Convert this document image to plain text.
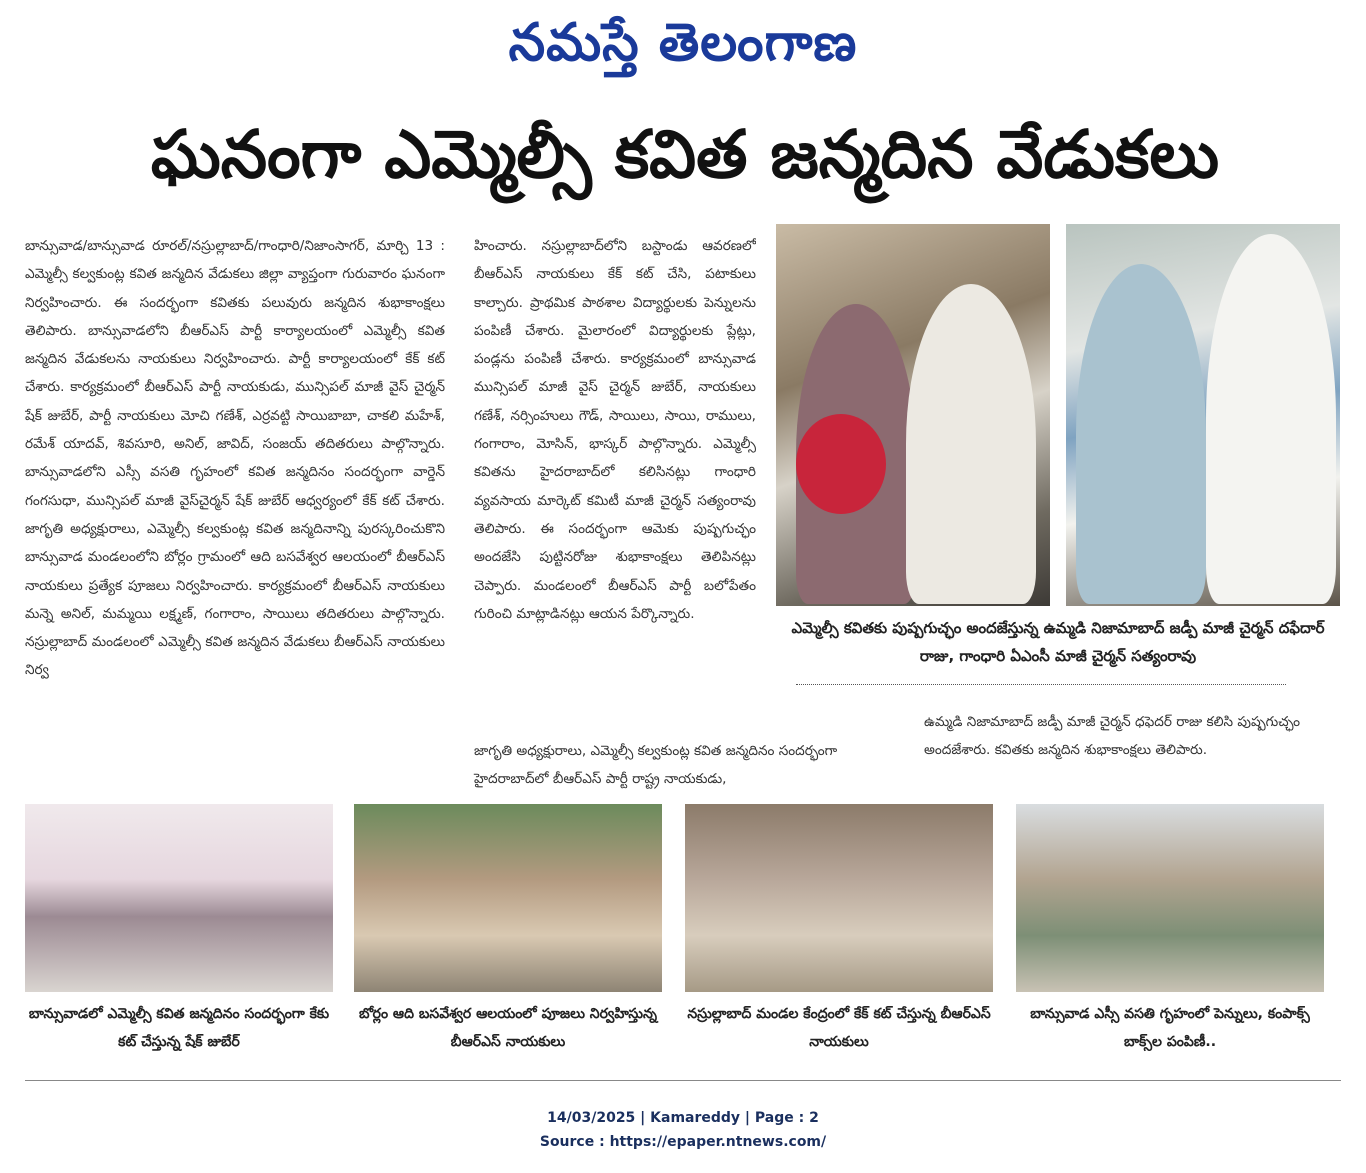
నమస్తే తెలంగాణ
ఘనంగా ఎమ్మెల్సీ కవిత జన్మదిన వేడుకలు
బాన్సువాడ/బాన్సువాడ రూరల్/నస్రుల్లాబాద్/గాంధారి/నిజాంసాగర్, మార్చి 13 : ఎమ్మెల్సీ కల్వకుంట్ల కవిత జన్మదిన వేడుకలు జిల్లా వ్యాప్తంగా గురువారం ఘనంగా నిర్వహించారు. ఈ సందర్భంగా కవితకు పలువురు జన్మదిన శుభాకాంక్షలు తెలిపారు. బాన్సువాడలోని బీఆర్ఎస్ పార్టీ కార్యాలయంలో ఎమ్మెల్సీ కవిత జన్మదిన వేడుకలను నాయకులు నిర్వహించారు. పార్టీ కార్యాలయంలో కేక్ కట్ చేశారు. కార్యక్రమంలో బీఆర్ఎస్ పార్టీ నాయకుడు, మున్సిపల్ మాజీ వైస్ చైర్మన్ షేక్ జుబేర్, పార్టీ నాయకులు మోచి గణేశ్, ఎర్రవట్టి సాయిబాబా, చాకలి మహేశ్, రమేశ్ యాదవ్, శివసూరి, అనిల్, జావిద్, సంజయ్ తదితరులు పాల్గొన్నారు. బాన్సువాడలోని ఎస్సీ వసతి గృహంలో కవిత జన్మదినం సందర్భంగా వార్డెన్ గంగసుధా, మున్సిపల్ మాజీ వైస్‌చైర్మన్ షేక్ జుబేర్ ఆధ్వర్యంలో కేక్ కట్ చేశారు. జాగృతి అధ్యక్షురాలు, ఎమ్మెల్సీ కల్వకుంట్ల కవిత జన్మదినాన్ని పురస్కరించుకొని బాన్సువాడ మండలంలోని బోర్లం గ్రామంలో ఆది బసవేశ్వర ఆలయంలో బీఆర్ఎస్ నాయకులు ప్రత్యేక పూజలు నిర్వహించారు. కార్యక్రమంలో బీఆర్ఎస్ నాయకులు మన్నె అనిల్, మమ్మయి లక్ష్మణ్, గంగారాం, సాయిలు తదితరులు పాల్గొన్నారు. నస్రుల్లాబాద్ మండలంలో ఎమ్మెల్సీ కవిత జన్మదిన వేడుకలు బీఆర్ఎస్ నాయకులు నిర్వ
హించారు. నస్రుల్లాబాద్‌లోని బస్టాండు ఆవరణలో బీఆర్ఎస్ నాయకులు కేక్ కట్ చేసి, పటాకులు కాల్చారు. ప్రాథమిక పాఠశాల విద్యార్థులకు పెన్నులను పంపిణీ చేశారు. మైలారంలో విద్యార్థులకు ప్లేట్లు, పండ్లను పంపిణీ చేశారు. కార్యక్రమంలో బాన్సువాడ మున్సిపల్ మాజీ వైస్ చైర్మన్ జుబేర్, నాయకులు గణేశ్, నర్సింహులు గౌడ్, సాయిలు, సాయి, రాములు, గంగారాం, మోసిన్, భాస్కర్ పాల్గొన్నారు. ఎమ్మెల్సీ కవితను హైదరాబాద్‌లో కలిసినట్లు గాంధారి వ్యవసాయ మార్కెట్ కమిటీ మాజీ చైర్మన్ సత్యంరావు తెలిపారు. ఈ సందర్భంగా ఆమెకు పుష్పగుచ్ఛం అందజేసి పుట్టినరోజు శుభాకాంక్షలు తెలిపినట్లు చెప్పారు. మండలంలో బీఆర్ఎస్ పార్టీ బలోపేతం గురించి మాట్లాడినట్లు ఆయన పేర్కొన్నారు.
జాగృతి అధ్యక్షురాలు, ఎమ్మెల్సీ కల్వకుంట్ల కవిత జన్మదినం సందర్భంగా హైదరాబాద్‌లో బీఆర్ఎస్ పార్టీ రాష్ట్ర నాయకుడు,
ఉమ్మడి నిజామాబాద్ జడ్పీ మాజీ చైర్మన్ ధఫెదర్ రాజు కలిసి పుష్పగుచ్ఛం అందజేశారు. కవితకు జన్మదిన శుభాకాంక్షలు తెలిపారు.
ఎమ్మెల్సీ కవితకు పుష్పగుచ్ఛం అందజేస్తున్న ఉమ్మడి నిజామాబాద్ జడ్పీ మాజీ చైర్మన్ దఫేదార్ రాజు, గాంధారి ఏఎంసీ మాజీ చైర్మన్ సత్యంరావు
బాన్సువాడలో ఎమ్మెల్సీ కవిత జన్మదినం సందర్భంగా కేకు కట్ చేస్తున్న షేక్ జుబేర్
బోర్లం ఆది బసవేశ్వర ఆలయంలో పూజలు నిర్వహిస్తున్న బీఆర్ఎస్ నాయకులు
నస్రుల్లాబాద్ మండల కేంద్రంలో కేక్ కట్ చేస్తున్న బీఆర్ఎస్ నాయకులు
బాన్సువాడ ఎస్సీ వసతి గృహంలో పెన్నులు, కంపాక్స్ బాక్స్‌ల పంపిణీ..
14/03/2025 | Kamareddy | Page : 2
Source : https://epaper.ntnews.com/
